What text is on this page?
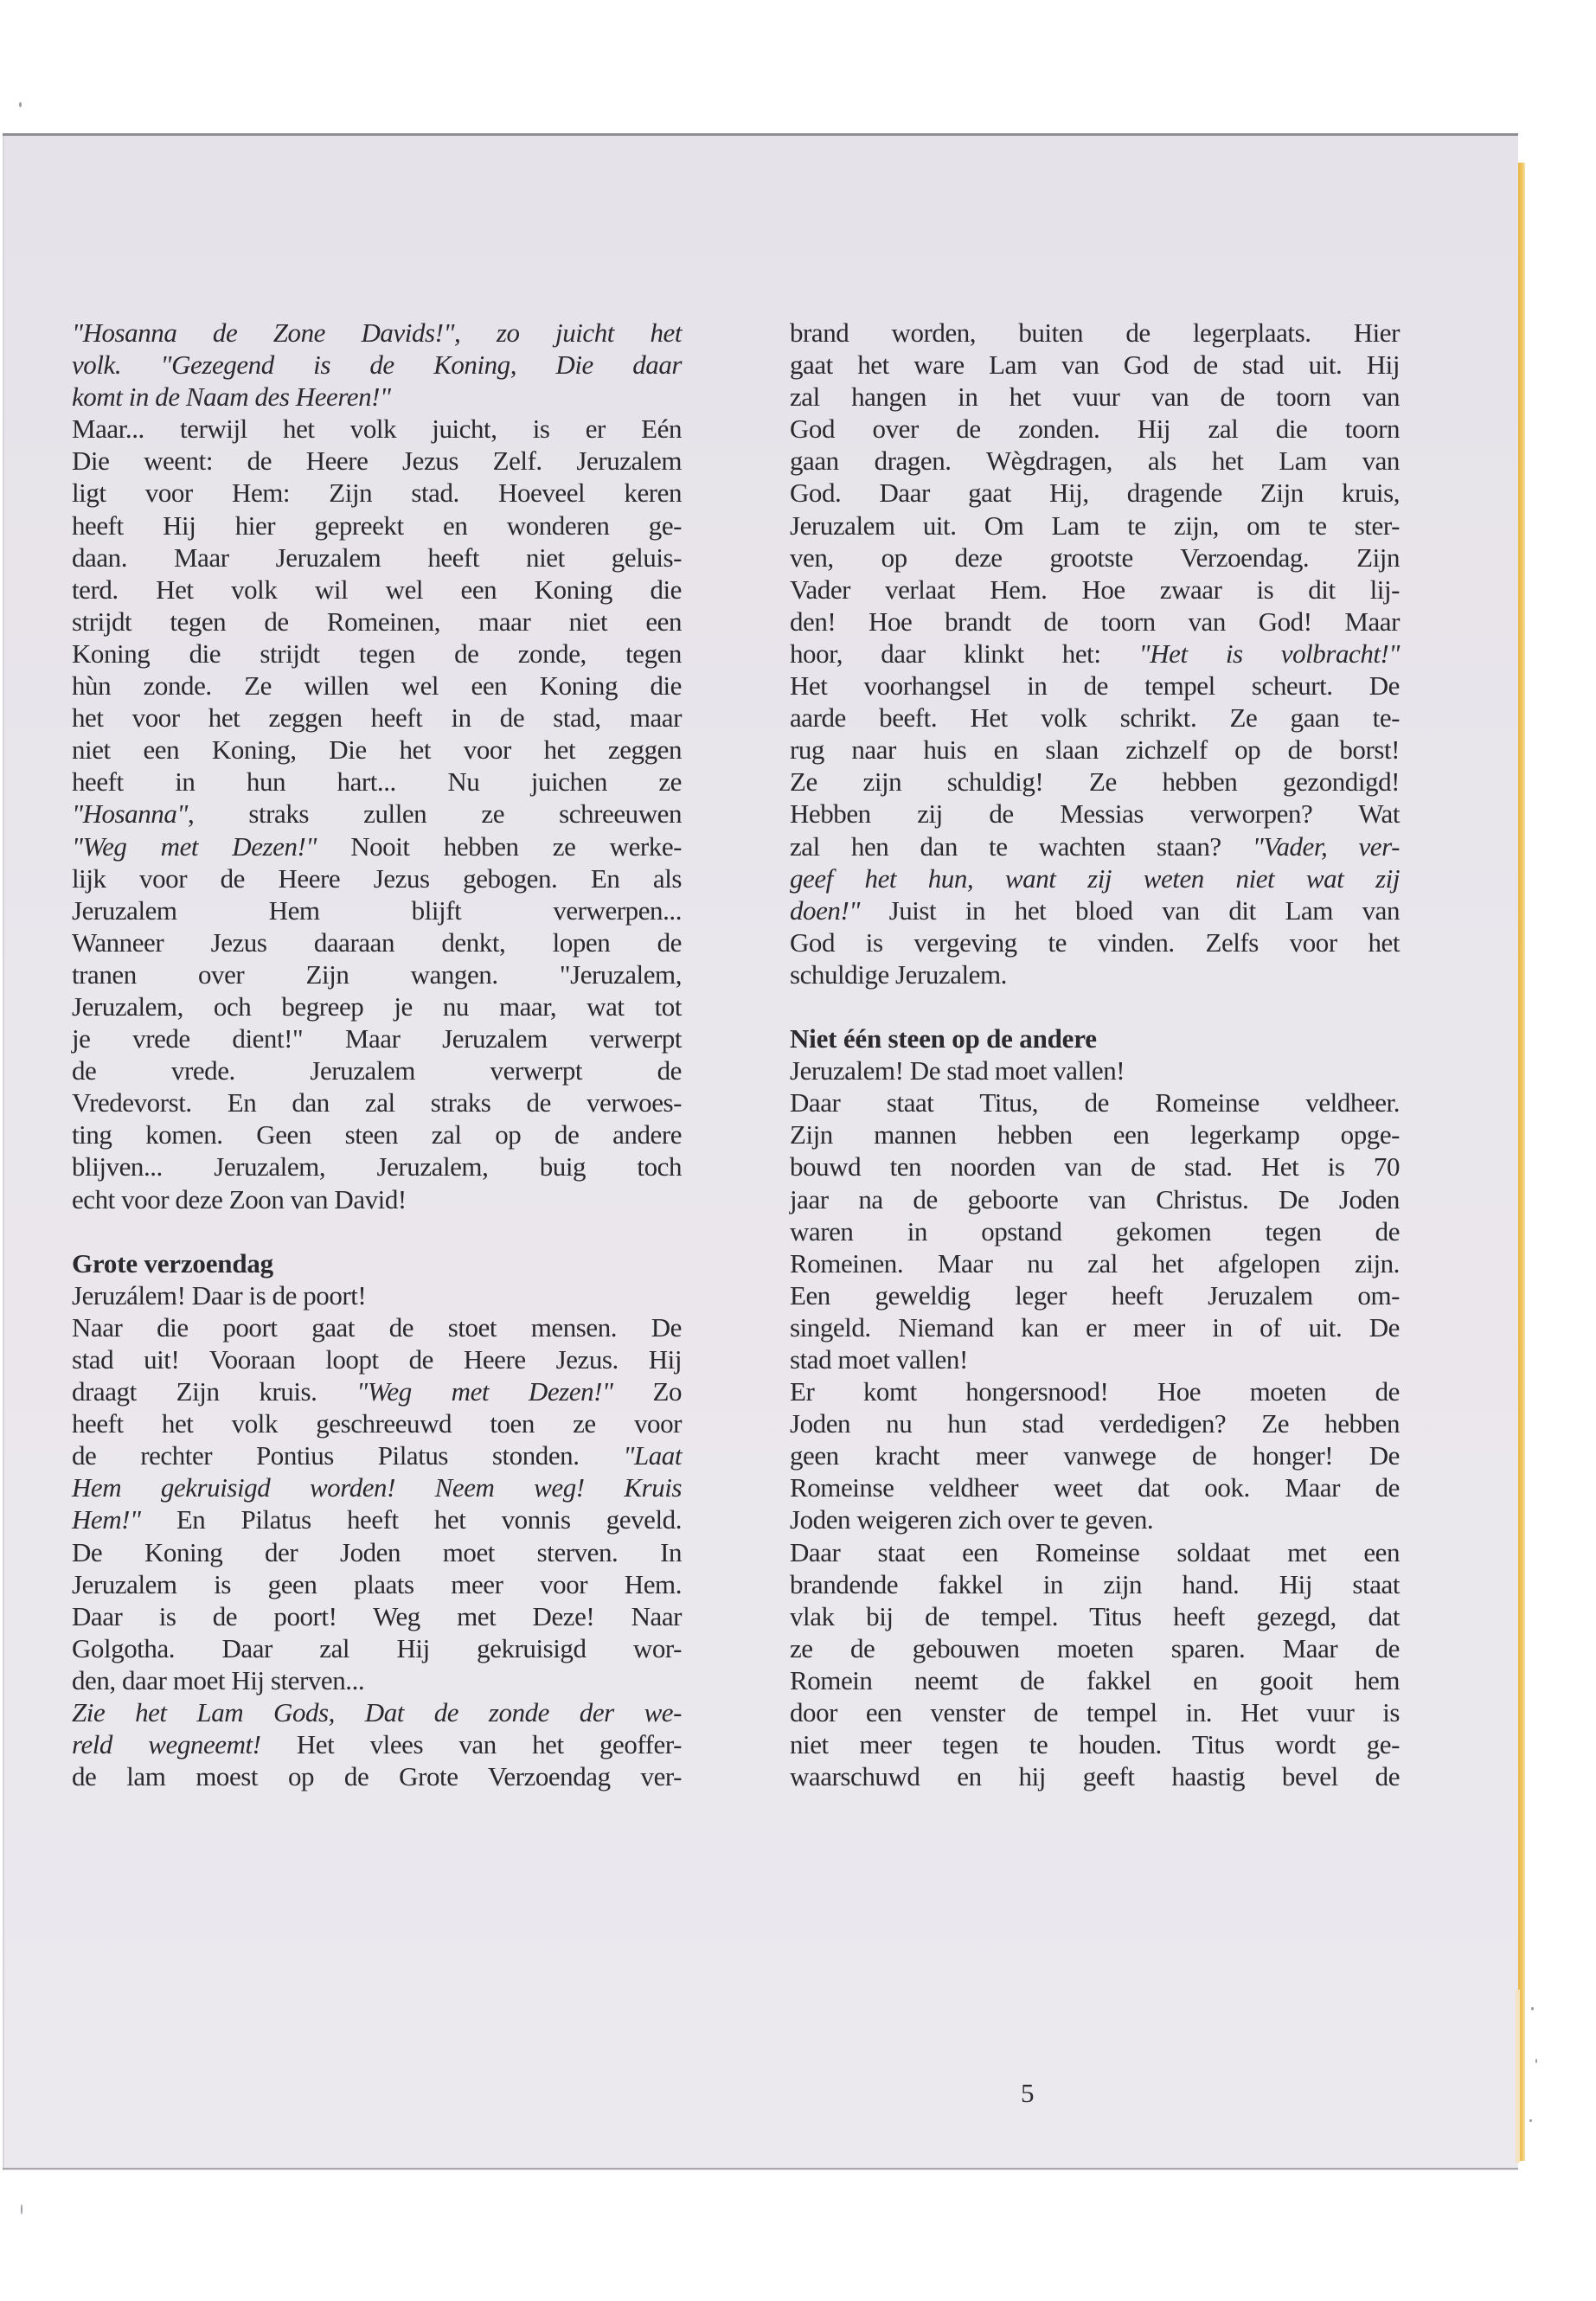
"Hosanna de Zone Davids!", zo juicht het
volk. "Gezegend is de Koning, Die daar
komt in de Naam des Heeren!"
Maar... terwijl het volk juicht, is er Eén
Die weent: de Heere Jezus Zelf. Jeruzalem
ligt voor Hem: Zijn stad. Hoeveel keren
heeft Hij hier gepreekt en wonderen ge-
daan. Maar Jeruzalem heeft niet geluis-
terd. Het volk wil wel een Koning die
strijdt tegen de Romeinen, maar niet een
Koning die strijdt tegen de zonde, tegen
hùn zonde. Ze willen wel een Koning die
het voor het zeggen heeft in de stad, maar
niet een Koning, Die het voor het zeggen
heeft in hun hart... Nu juichen ze
"Hosanna", straks zullen ze schreeuwen
"Weg met Dezen!" Nooit hebben ze werke-
lijk voor de Heere Jezus gebogen. En als
Jeruzalem Hem blijft verwerpen...
Wanneer Jezus daaraan denkt, lopen de
tranen over Zijn wangen. "Jeruzalem,
Jeruzalem, och begreep je nu maar, wat tot
je vrede dient!" Maar Jeruzalem verwerpt
de vrede. Jeruzalem verwerpt de
Vredevorst. En dan zal straks de verwoes-
ting komen. Geen steen zal op de andere
blijven... Jeruzalem, Jeruzalem, buig toch
echt voor deze Zoon van David!
Grote verzoendag
Jeruzálem! Daar is de poort!
Naar die poort gaat de stoet mensen. De
stad uit! Vooraan loopt de Heere Jezus. Hij
draagt Zijn kruis. "Weg met Dezen!" Zo
heeft het volk geschreeuwd toen ze voor
de rechter Pontius Pilatus stonden. "Laat
Hem gekruisigd worden! Neem weg! Kruis
Hem!" En Pilatus heeft het vonnis geveld.
De Koning der Joden moet sterven. In
Jeruzalem is geen plaats meer voor Hem.
Daar is de poort! Weg met Deze! Naar
Golgotha. Daar zal Hij gekruisigd wor-
den, daar moet Hij sterven...
Zie het Lam Gods, Dat de zonde der we-
reld wegneemt! Het vlees van het geoffer-
de lam moest op de Grote Verzoendag ver-
brand worden, buiten de legerplaats. Hier
gaat het ware Lam van God de stad uit. Hij
zal hangen in het vuur van de toorn van
God over de zonden. Hij zal die toorn
gaan dragen. Wègdragen, als het Lam van
God. Daar gaat Hij, dragende Zijn kruis,
Jeruzalem uit. Om Lam te zijn, om te ster-
ven, op deze grootste Verzoendag. Zijn
Vader verlaat Hem. Hoe zwaar is dit lij-
den! Hoe brandt de toorn van God! Maar
hoor, daar klinkt het: "Het is volbracht!"
Het voorhangsel in de tempel scheurt. De
aarde beeft. Het volk schrikt. Ze gaan te-
rug naar huis en slaan zichzelf op de borst!
Ze zijn schuldig! Ze hebben gezondigd!
Hebben zij de Messias verworpen? Wat
zal hen dan te wachten staan? "Vader, ver-
geef het hun, want zij weten niet wat zij
doen!" Juist in het bloed van dit Lam van
God is vergeving te vinden. Zelfs voor het
schuldige Jeruzalem.
Niet één steen op de andere
Jeruzalem! De stad moet vallen!
Daar staat Titus, de Romeinse veldheer.
Zijn mannen hebben een legerkamp opge-
bouwd ten noorden van de stad. Het is 70
jaar na de geboorte van Christus. De Joden
waren in opstand gekomen tegen de
Romeinen. Maar nu zal het afgelopen zijn.
Een geweldig leger heeft Jeruzalem om-
singeld. Niemand kan er meer in of uit. De
stad moet vallen!
Er komt hongersnood! Hoe moeten de
Joden nu hun stad verdedigen? Ze hebben
geen kracht meer vanwege de honger! De
Romeinse veldheer weet dat ook. Maar de
Joden weigeren zich over te geven.
Daar staat een Romeinse soldaat met een
brandende fakkel in zijn hand. Hij staat
vlak bij de tempel. Titus heeft gezegd, dat
ze de gebouwen moeten sparen. Maar de
Romein neemt de fakkel en gooit hem
door een venster de tempel in. Het vuur is
niet meer tegen te houden. Titus wordt ge-
waarschuwd en hij geeft haastig bevel de
5
